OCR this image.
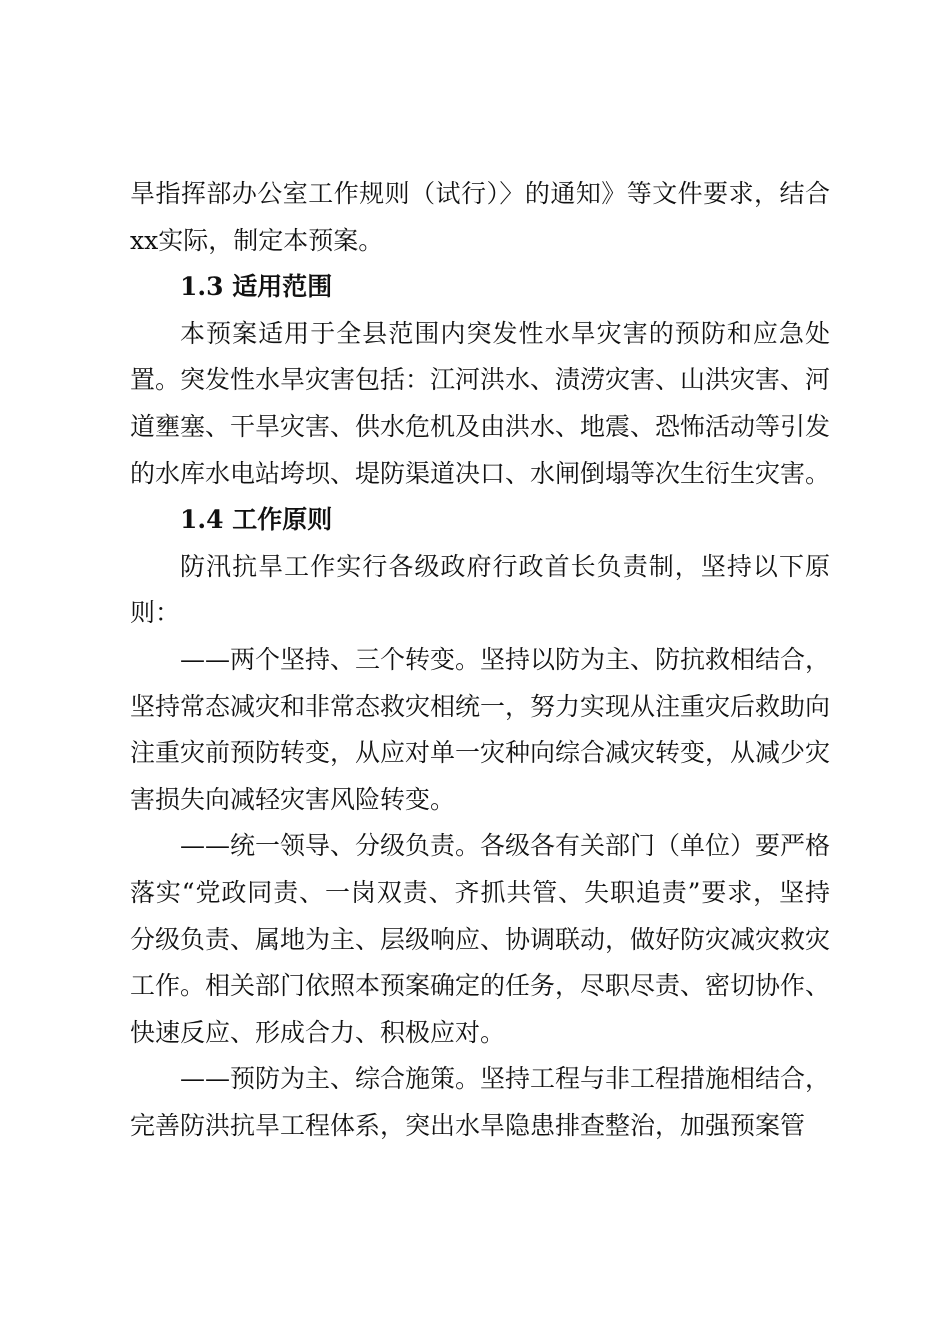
旱指挥部办公室工作规则（试行）〉的通知》等文件要求，结合xx实际，制定本预案。

1.3 适用范围

本预案适用于全县范围内突发性水旱灾害的预防和应急处置。突发性水旱灾害包括：江河洪水、渍涝灾害、山洪灾害、河道壅塞、干旱灾害、供水危机及由洪水、地震、恐怖活动等引发的水库水电站垮坝、堤防渠道决口、水闸倒塌等次生衍生灾害。

1.4 工作原则

防汛抗旱工作实行各级政府行政首长负责制，坚持以下原则：

——两个坚持、三个转变。坚持以防为主、防抗救相结合，坚持常态减灾和非常态救灾相统一，努力实现从注重灾后救助向注重灾前预防转变，从应对单一灾种向综合减灾转变，从减少灾害损失向减轻灾害风险转变。

——统一领导、分级负责。各级各有关部门（单位）要严格落实“党政同责、一岗双责、齐抓共管、失职追责”要求，坚持分级负责、属地为主、层级响应、协调联动，做好防灾减灾救灾工作。相关部门依照本预案确定的任务，尽职尽责、密切协作、快速反应、形成合力、积极应对。

——预防为主、综合施策。坚持工程与非工程措施相结合，完善防洪抗旱工程体系，突出水旱隐患排查整治，加强预案管
